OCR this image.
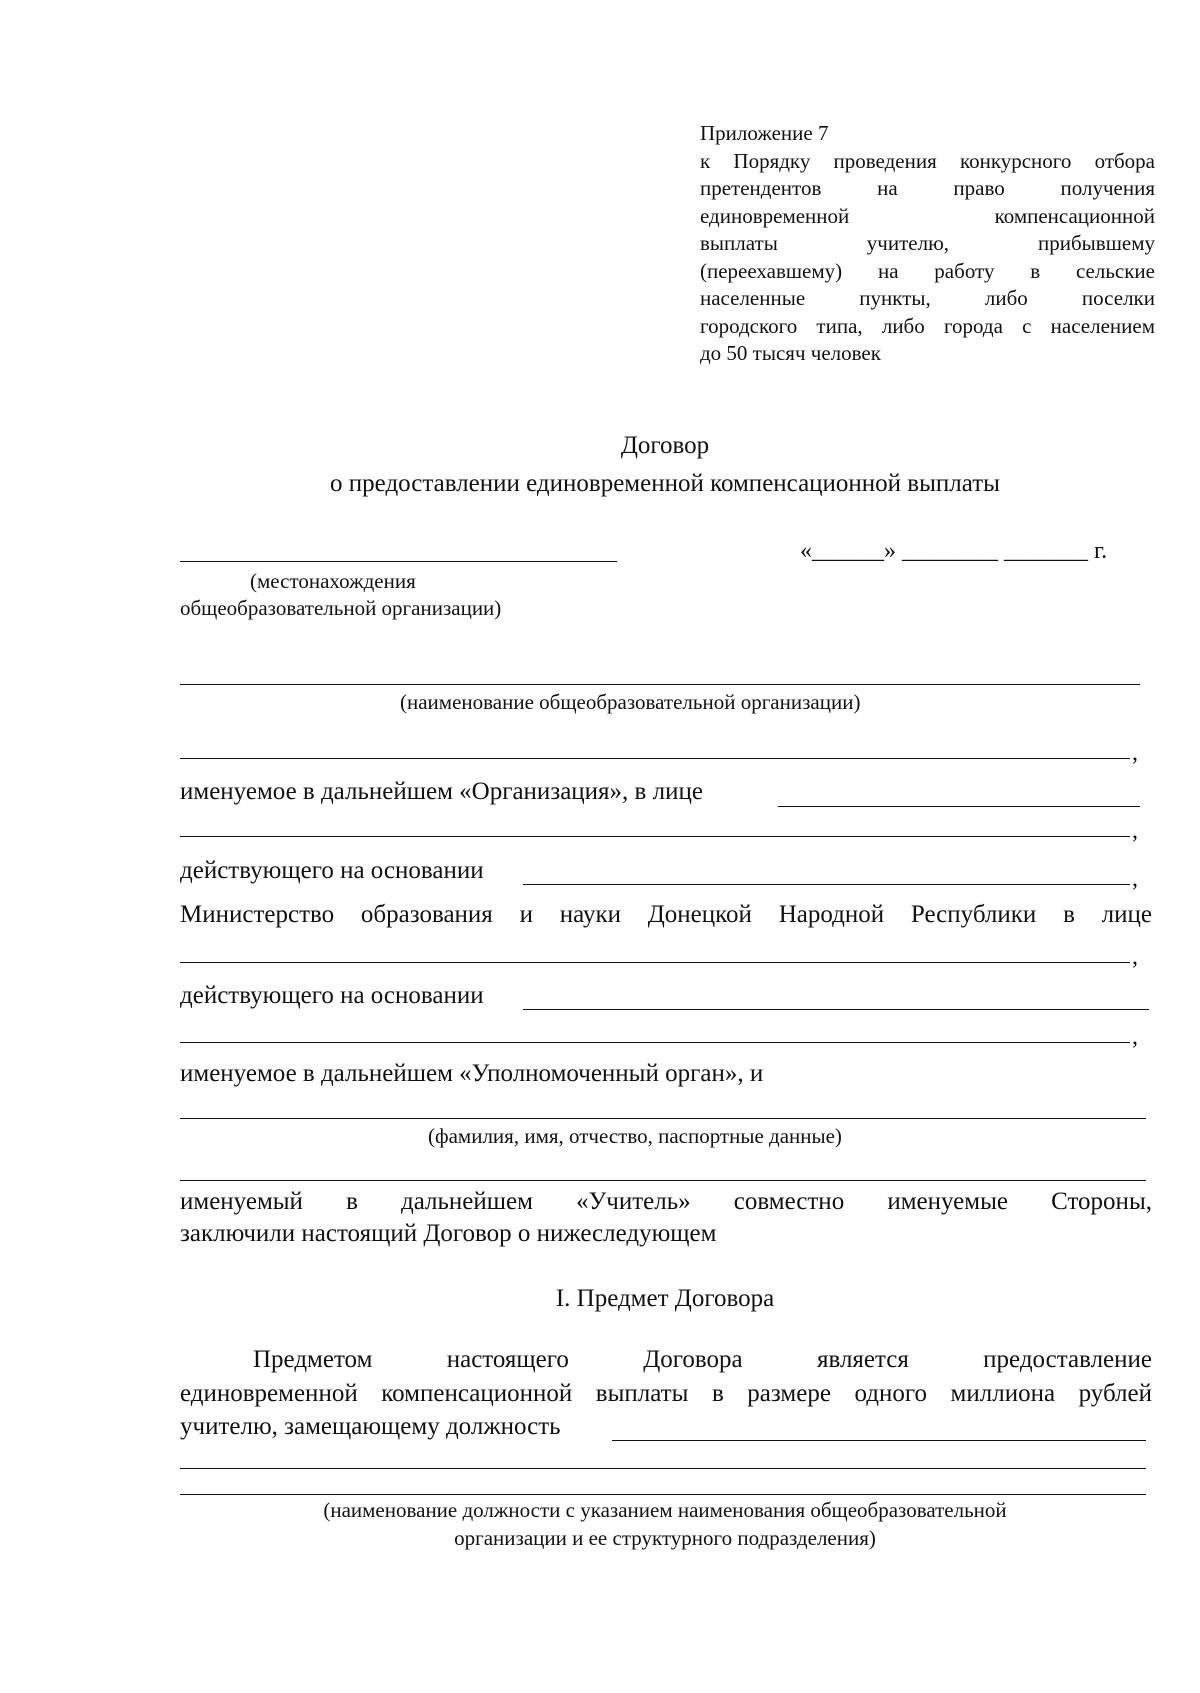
Приложение 7
к Порядку проведения конкурсного отбора
претендентов на право получения
единовременной компенсационной
выплаты учителю, прибывшему
(переехавшему) на работу в сельские
населенные пункты, либо поселки
городского типа, либо города с населением
до 50 тысяч человек
Договор
о предоставлении единовременной компенсационной выплаты
«______» ________ _______ г.
(местонахождения
общеобразовательной организации)
(наименование общеобразовательной организации)
,
именуемое в дальнейшем «Организация», в лице
,
действующего на основании	,
Министерство образования и науки Донецкой Народной Республики в лице
,
действующего на основании
,
именуемое в дальнейшем «Уполномоченный орган», и
(фамилия, имя, отчество, паспортные данные)
именуемый в дальнейшем «Учитель» совместно именуемые Стороны,
заключили настоящий Договор о нижеследующем
I. Предмет Договора
Предметом настоящего Договора является предоставление
единовременной компенсационной выплаты в размере одного миллиона рублей
учителю, замещающему должность
(наименование должности с указанием наименования общеобразовательной
организации и ее структурного подразделения)
